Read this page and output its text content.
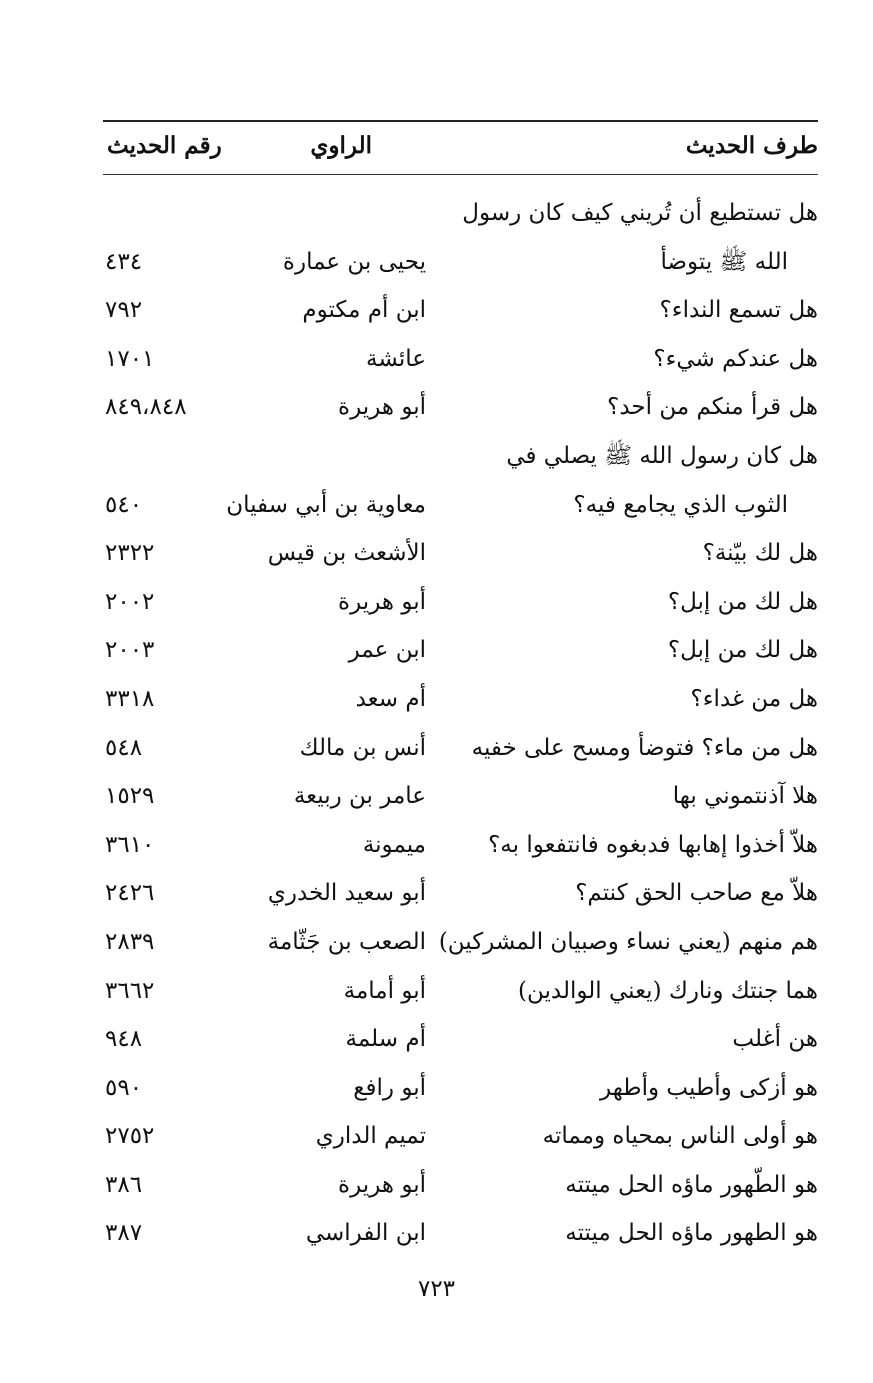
طرف الحديث
الراوي
رقم الحديث
هل تستطيع أن تُريني كيف كان رسول
الله ﷺ يتوضأ
يحيى بن عمارة
٤٣٤
هل تسمع النداء؟
ابن أم مكتوم
٧٩٢
هل عندكم شيء؟
عائشة
١٧٠١
هل قرأ منكم من أحد؟
أبو هريرة
٨٤٩،٨٤٨
هل كان رسول الله ﷺ يصلي في
الثوب الذي يجامع فيه؟
معاوية بن أبي سفيان
٥٤٠
هل لك بيّنة؟
الأشعث بن قيس
٢٣٢٢
هل لك من إبل؟
أبو هريرة
٢٠٠٢
هل لك من إبل؟
ابن عمر
٢٠٠٣
هل من غداء؟
أم سعد
٣٣١٨
هل من ماء؟ فتوضأ ومسح على خفيه
أنس بن مالك
٥٤٨
هلا آذنتموني بها
عامر بن ربيعة
١٥٢٩
هلاّ أخذوا إهابها فدبغوه فانتفعوا به؟
ميمونة
٣٦١٠
هلاّ مع صاحب الحق كنتم؟
أبو سعيد الخدري
٢٤٢٦
هم منهم (يعني نساء وصبيان المشركين)
الصعب بن جَثّامة
٢٨٣٩
هما جنتك ونارك (يعني الوالدين)
أبو أمامة
٣٦٦٢
هن أغلب
أم سلمة
٩٤٨
هو أزكى وأطيب وأطهر
أبو رافع
٥٩٠
هو أولى الناس بمحياه ومماته
تميم الداري
٢٧٥٢
هو الطّهور ماؤه الحل ميتته
أبو هريرة
٣٨٦
هو الطهور ماؤه الحل ميتته
ابن الفراسي
٣٨٧
٧٢٣
